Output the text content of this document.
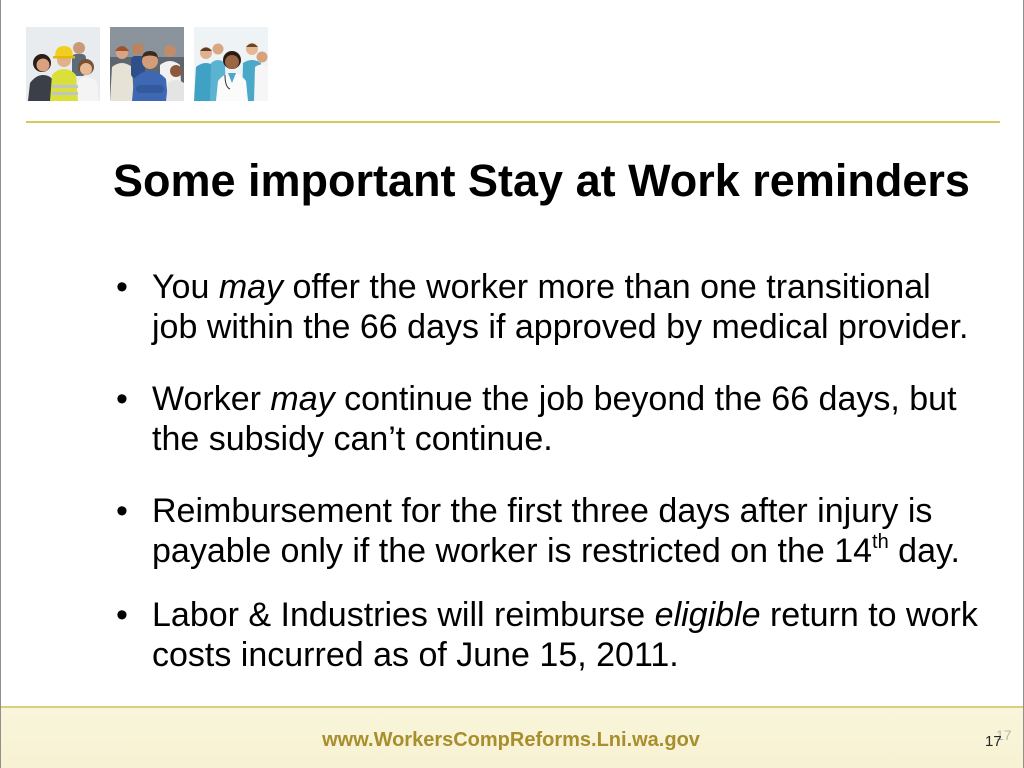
Some important Stay at Work reminders
• You may offer the worker more than one transitional
job within the 66 days if approved by medical provider.
• Worker may continue the job beyond the 66 days, but
the subsidy can’t continue.
• Reimbursement for the first three days after injury is
payable only if the worker is restricted on the 14th day.
• Labor & Industries will reimburse eligible return to work
costs incurred as of June 15, 2011.
www.WorkersCompReforms.Lni.wa.gov	17
17
